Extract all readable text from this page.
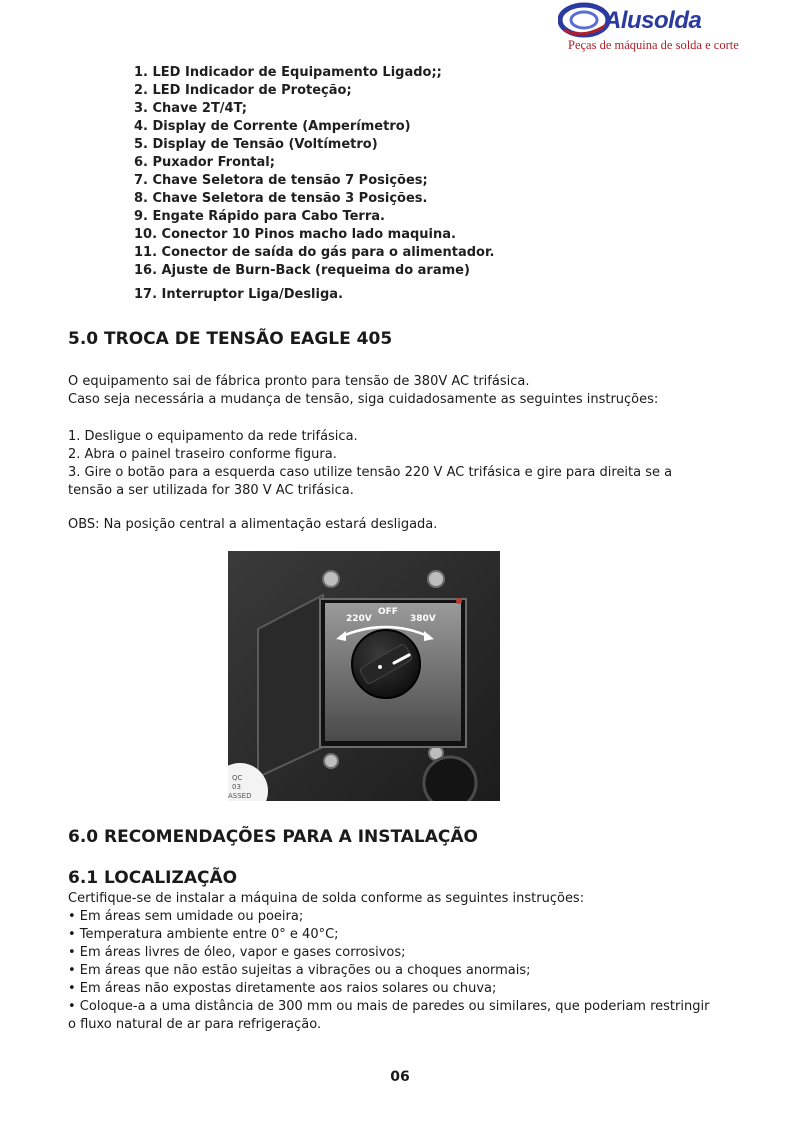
Alusolda
Peças de máquina de solda e corte
1. LED Indicador de Equipamento Ligado;;
2. LED Indicador de Proteção;
3. Chave 2T/4T;
4. Display de Corrente (Amperímetro)
5. Display de Tensão (Voltímetro)
6. Puxador Frontal;
7. Chave Seletora de tensão 7 Posições;
8. Chave Seletora de tensão 3 Posições.
9. Engate Rápido para Cabo Terra.
10. Conector 10 Pinos macho lado maquina.
11. Conector de saída do gás para o alimentador.
16. Ajuste de Burn-Back (requeima do arame)
17. Interruptor Liga/Desliga.
5.0 TROCA DE TENSÃO EAGLE 405
O equipamento sai de fábrica pronto para tensão de 380V AC trifásica.
Caso seja necessária a mudança de tensão, siga cuidadosamente as seguintes instruções:
1. Desligue o equipamento da rede trifásica.
2. Abra o painel traseiro conforme figura.
3. Gire o botão para a esquerda caso utilize tensão 220 V AC trifásica e gire para direita se a
tensão a ser utilizada for 380 V AC trifásica.
OBS: Na posição central a alimentação estará desligada.
220V
OFF
380V
QC
03
ASSED
6.0 RECOMENDAÇÕES PARA A INSTALAÇÃO
6.1 LOCALIZAÇÃO
Certifique-se de instalar a máquina de solda conforme as seguintes instruções:
• Em áreas sem umidade ou poeira;
• Temperatura ambiente entre 0° e 40°C;
• Em áreas livres de óleo, vapor e gases corrosivos;
• Em áreas que não estão sujeitas a vibrações ou a choques anormais;
• Em áreas não expostas diretamente aos raios solares ou chuva;
• Coloque-a a uma distância de 300 mm ou mais de paredes ou similares, que poderiam restringir
o fluxo natural de ar para refrigeração.
06
